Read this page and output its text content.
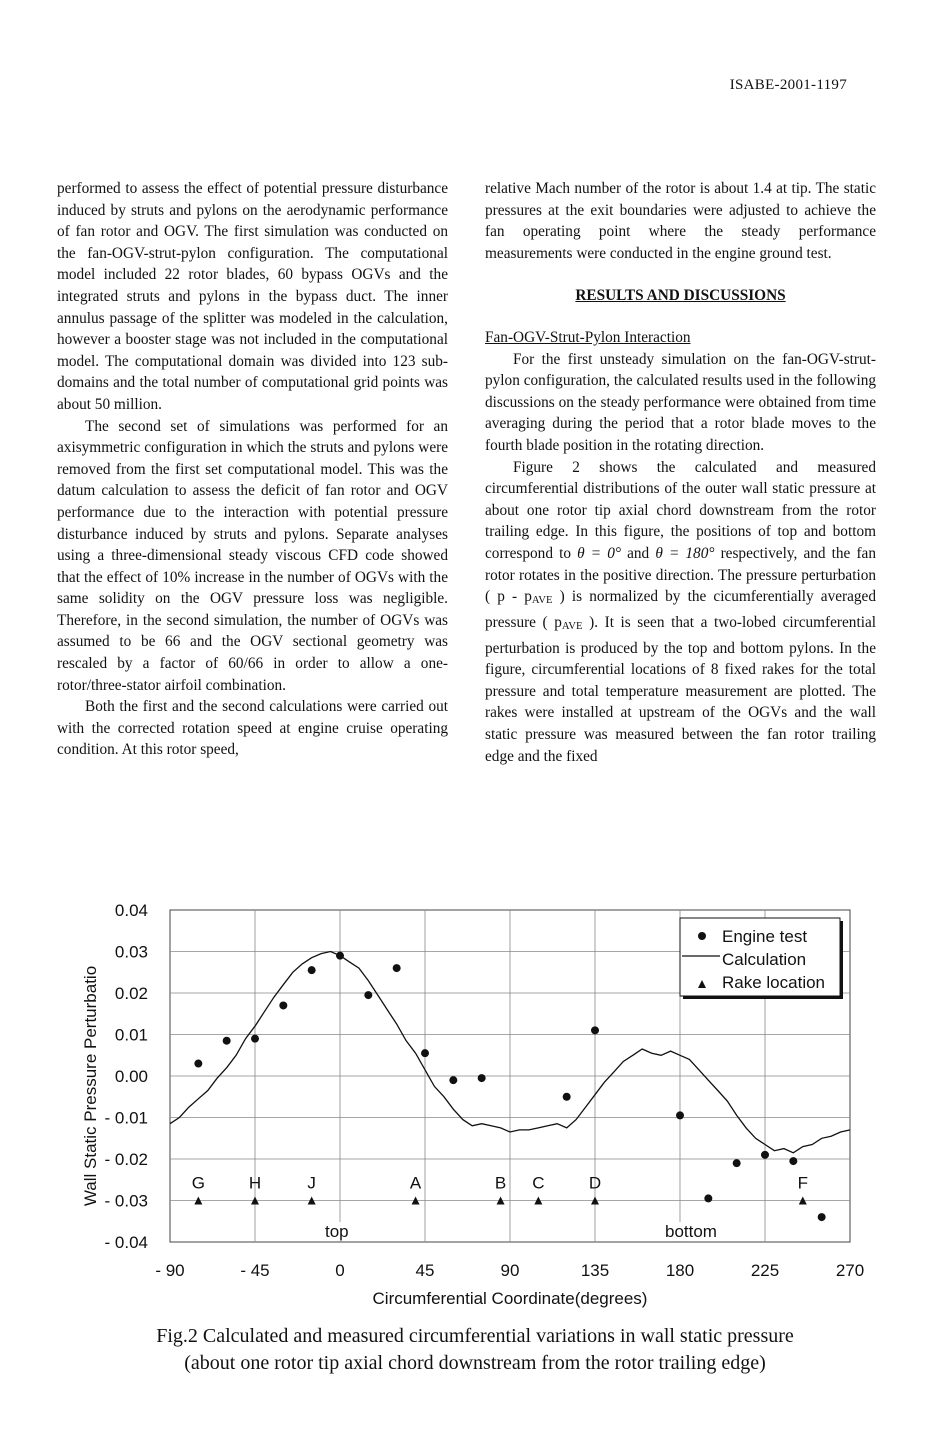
ISABE-2001-1197

performed to assess the effect of potential pressure disturbance induced by struts and pylons on the aerodynamic performance of fan rotor and OGV. The first simulation was conducted on the fan-OGV-strut-pylon configuration. The computational model included 22 rotor blades, 60 bypass OGVs and the integrated struts and pylons in the bypass duct. The inner annulus passage of the splitter was modeled in the calculation, however a booster stage was not included in the computational model. The computational domain was divided into 123 sub-domains and the total number of computational grid points was about 50 million.

The second set of simulations was performed for an axisymmetric configuration in which the struts and pylons were removed from the first set computational model. This was the datum calculation to assess the deficit of fan rotor and OGV performance due to the interaction with potential pressure disturbance induced by struts and pylons. Separate analyses using a three-dimensional steady viscous CFD code showed that the effect of 10% increase in the number of OGVs with the same solidity on the OGV pressure loss was negligible. Therefore, in the second simulation, the number of OGVs was assumed to be 66 and the OGV sectional geometry was rescaled by a factor of 60/66 in order to allow a one-rotor/three-stator airfoil combination.

Both the first and the second calculations were carried out with the corrected rotation speed at engine cruise operating condition. At this rotor speed,

relative Mach number of the rotor is about 1.4 at tip. The static pressures at the exit boundaries were adjusted to achieve the fan operating point where the steady performance measurements were conducted in the engine ground test.

RESULTS AND DISCUSSIONS

Fan-OGV-Strut-Pylon Interaction

For the first unsteady simulation on the fan-OGV-strut-pylon configuration, the calculated results used in the following discussions on the steady performance were obtained from time averaging during the period that a rotor blade moves to the fourth blade position in the rotating direction.

Figure 2 shows the calculated and measured circumferential distributions of the outer wall static pressure at about one rotor tip axial chord downstream from the rotor trailing edge. In this figure, the positions of top and bottom correspond to θ = 0° and θ = 180° respectively, and the fan rotor rotates in the positive direction. The pressure perturbation ( p - $p_{AVE}$ ) is normalized by the cicumferentially averaged pressure ( $p_{AVE}$ ). It is seen that a two-lobed circumferential perturbation is produced by the top and bottom pylons. In the figure, circumferential locations of 8 fixed rakes for the total pressure and total temperature measurement are plotted. The rakes were installed at upstream of the OGVs and the wall static pressure was measured between the fan rotor trailing edge and the fixed

0.04
0.03
0.02
0.01
0.00
- 0.01
- 0.02
- 0.03
- 0.04
- 90	- 45	0	45	90	135	180	225	270
top	bottom
Circumferential Coordinate(degrees)
Wall Static Pressure Perturbatio	G	H	J	A	B C	D	F
Engine test
Calculation
Rake location
Fig.2 Calculated and measured circumferential variations in wall static pressure
(about one rotor tip axial chord downstream from the rotor trailing edge)
